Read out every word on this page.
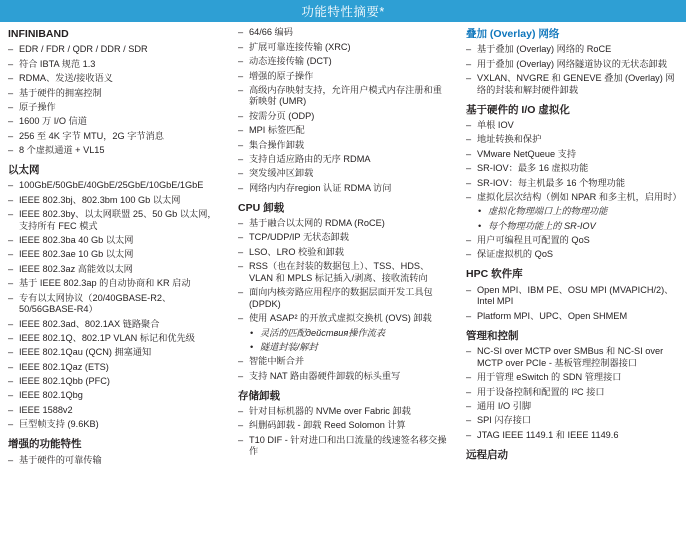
功能特性摘要*
INFINIBAND
– EDR / FDR / QDR / DDR / SDR
– 符合 IBTA 规范 1.3
– RDMA、发送/接收语义
– 基于硬件的拥塞控制
– 原子操作
– 1600 万 I/O 信道
– 256 至 4K 字节 MTU，2G 字节消息
– 8 个虚拟通道 + VL15
以太网
– 100GbE/50GbE/40GbE/25GbE/10GbE/1GbE
– IEEE 802.3bj、802.3bm 100 Gb 以太网
– IEEE 802.3by、以太网联盟 25、50 Gb 以太网，支持所有 FEC 模式
– IEEE 802.3ba 40 Gb 以太网
– IEEE 802.3ae 10 Gb 以太网
– IEEE 802.3az 高能效以太网
– 基于 IEEE 802.3ap 的自动协商和 KR 启动
– 专有以太网协议（20/40GBASE-R2、50/56GBASE-R4）
– IEEE 802.3ad、802.1AX 链路聚合
– IEEE 802.1Q、802.1P VLAN 标记和优先级
– IEEE 802.1Qau (QCN) 拥塞通知
– IEEE 802.1Qaz (ETS)
– IEEE 802.1Qbb (PFC)
– IEEE 802.1Qbg
– IEEE 1588v2
– 巨型帧支持 (9.6KB)
增强的功能特性
– 基于硬件的可靠传输
– 64/66 编码
– 扩展可靠连接传输 (XRC)
– 动态连接传输 (DCT)
– 增强的原子操作
– 高级内存映射支持，允许用户模式内存注册和重新映射 (UMR)
– 按需分页 (ODP)
– MPI 标签匹配
– 集合操作卸载
– 支持自适应路由的无序 RDMA
– 突发缓冲区卸载
– 网络内内存region 认证 RDMA 访问
CPU 卸载
– 基于融合以太网的 RDMA (RoCE)
– TCP/UDP/IP 无状态卸载
– LSO、LRO 校验和卸载
– RSS（也在封装的数据包上）、TSS、HDS、VLAN 和 MPLS 标记插入/剥离、接收流转向
– 面向内核旁路应用程序的数据层面开发工具包 (DPDK)
– 使用 ASAP² 的开放式虚拟交换机 (OVS) 卸载
• 灵活的匹配действия操作流表
• 隧道封装/解封
– 智能中断合并
– 支持 NAT 路由器硬件卸载的标头重写
存储卸载
– 针对目标机器的 NVMe over Fabric 卸载
– 纠删码卸载 - 卸载 Reed Solomon 计算
– T10 DIF - 针对进口和出口流量的线速签名移交操作
叠加 (Overlay) 网络
– 基于叠加 (Overlay) 网络的 RoCE
– 用于叠加 (Overlay) 网络隧道协议的无状态卸载
– VXLAN、NVGRE 和 GENEVE 叠加 (Overlay) 网络的封装和解封硬件卸载
基于硬件的 I/O 虚拟化
– 单根 IOV
– 地址转换和保护
– VMware NetQueue 支持
– SR-IOV：最多 16 虚拟功能
– SR-IOV：每主机最多 16 个物理功能
– 虚拟化层次结构（例如 NPAR 和多主机，启用时）
• 虚拟化物理端口上的物理功能
• 每个物理功能上的 SR-IOV
– 用户可编程且可配置的 QoS
– 保证虚拟机的 QoS
HPC 软件库
– Open MPI、IBM PE、OSU MPI (MVAPICH/2)、Intel MPI
– Platform MPI、UPC、Open SHMEM
管理和控制
– NC-SI over MCTP over SMBus 和 NC-SI over MCTP over PCIe - 基板管理控制器接口
– 用于管理 eSwitch 的 SDN 管理接口
– 用于设备控制和配置的 I²C 接口
– 通用 I/O 引脚
– SPI 闪存接口
– JTAG IEEE 1149.1 和 IEEE 1149.6
远程启动
